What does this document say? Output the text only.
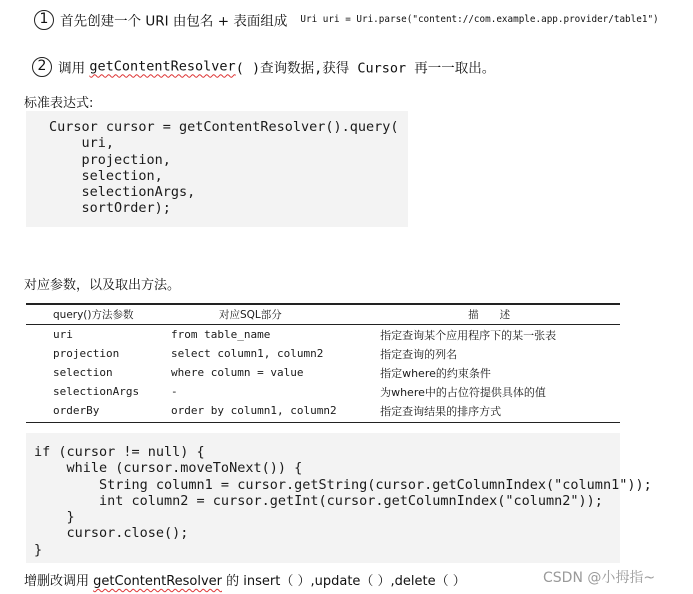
1 首先创建一个 URI 由包名 + 表面组成 Uri uri = Uri.parse("content://com.example.app.provider/table1")
2 调用 getContentResolver( )查询数据,获得 Cursor 再一一取出。
标准表达式:
Cursor cursor = getContentResolver().query(
uri,
projection,
selection,
selectionArgs,
sortOrder);
对应参数，以及取出方法。
query()方法参数	对应SQL部分	描　　述
uri	from table_name	指定查询某个应用程序下的某一张表
projection	select column1, column2	指定查询的列名
selection	where column = value	指定where的约束条件
selectionArgs	-	为where中的占位符提供具体的值
orderBy	order by column1, column2	指定查询结果的排序方式
if (cursor != null) {
while (cursor.moveToNext()) {
String column1 = cursor.getString(cursor.getColumnIndex("column1"));
int column2 = cursor.getInt(cursor.getColumnIndex("column2"));
}
cursor.close();
}
增删改调用 getContentResolver 的 insert（ ）,update（ ）,delete（ ）	CSDN @小拇指~
